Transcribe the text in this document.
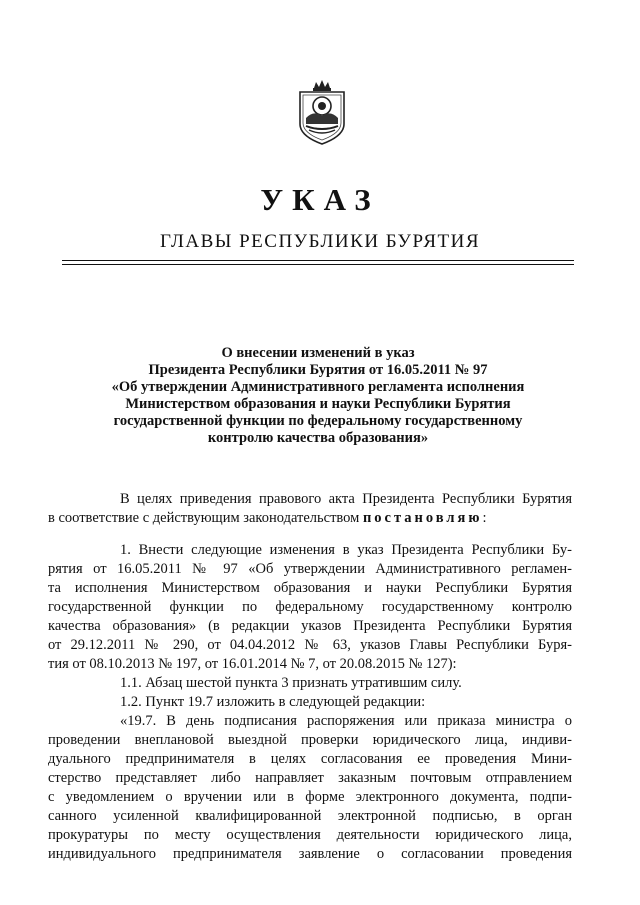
УКАЗ
ГЛАВЫ РЕСПУБЛИКИ БУРЯТИЯ
О внесении изменений в указ
Президента Республики Бурятия от 16.05.2011 № 97
«Об утверждении Административного регламента исполнения
Министерством образования и науки Республики Бурятия
государственной функции по федеральному государственному
контролю качества образования»
В целях приведения правового акта Президента Республики Бурятия
в соответствие с действующим законодательством постановляю:
1. Внести следующие изменения в указ Президента Республики Бу-
рятия от 16.05.2011 № 97 «Об утверждении Административного регламен-
та исполнения Министерством образования и науки Республики Бурятия
государственной функции по федеральному государственному контролю
качества образования» (в редакции указов Президента Республики Бурятия
от 29.12.2011 № 290, от 04.04.2012 № 63, указов Главы Республики Буря-
тия от 08.10.2013 № 197, от 16.01.2014 № 7, от 20.08.2015 № 127):
1.1. Абзац шестой пункта 3 признать утратившим силу.
1.2. Пункт 19.7 изложить в следующей редакции:
«19.7. В день подписания распоряжения или приказа министра о
проведении внеплановой выездной проверки юридического лица, индиви-
дуального предпринимателя в целях согласования ее проведения Мини-
стерство представляет либо направляет заказным почтовым отправлением
с уведомлением о вручении или в форме электронного документа, подпи-
санного усиленной квалифицированной электронной подписью, в орган
прокуратуры по месту осуществления деятельности юридического лица,
индивидуального предпринимателя заявление о согласовании проведения
